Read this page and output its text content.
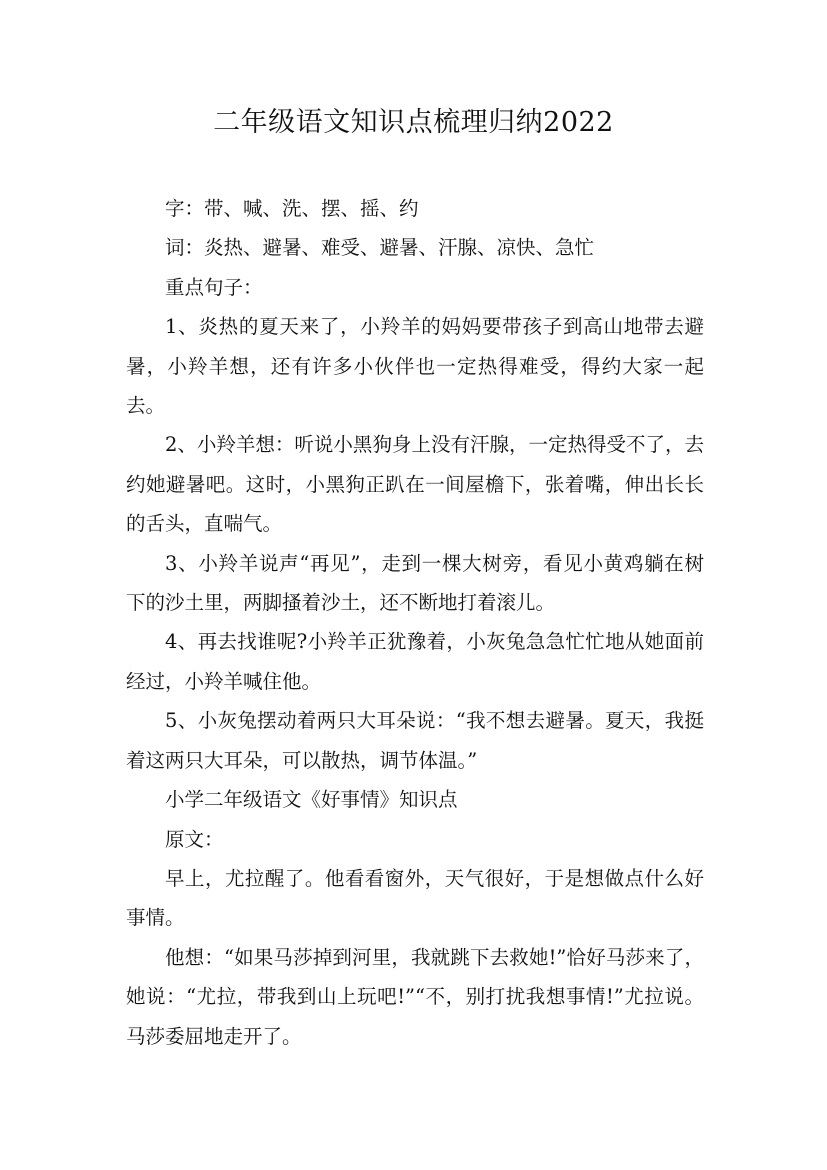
二年级语文知识点梳理归纳2022

字：带、喊、洗、摆、摇、约

词：炎热、避暑、难受、避暑、汗腺、凉快、急忙

重点句子：

1、炎热的夏天来了，小羚羊的妈妈要带孩子到高山地带去避暑，小羚羊想，还有许多小伙伴也一定热得难受，得约大家一起去。

2、小羚羊想：听说小黑狗身上没有汗腺，一定热得受不了，去约她避暑吧。这时，小黑狗正趴在一间屋檐下，张着嘴，伸出长长的舌头，直喘气。

3、小羚羊说声“再见”，走到一棵大树旁，看见小黄鸡躺在树下的沙土里，两脚搔着沙土，还不断地打着滚儿。

4、再去找谁呢?小羚羊正犹豫着，小灰兔急急忙忙地从她面前经过，小羚羊喊住他。

5、小灰兔摆动着两只大耳朵说：“我不想去避暑。夏天，我挺着这两只大耳朵，可以散热，调节体温。”

小学二年级语文《好事情》知识点

原文：

早上，尤拉醒了。他看看窗外，天气很好，于是想做点什么好事情。

他想：“如果马莎掉到河里，我就跳下去救她!”恰好马莎来了，她说：“尤拉，带我到山上玩吧!”“不，别打扰我想事情!”尤拉说。马莎委屈地走开了。
